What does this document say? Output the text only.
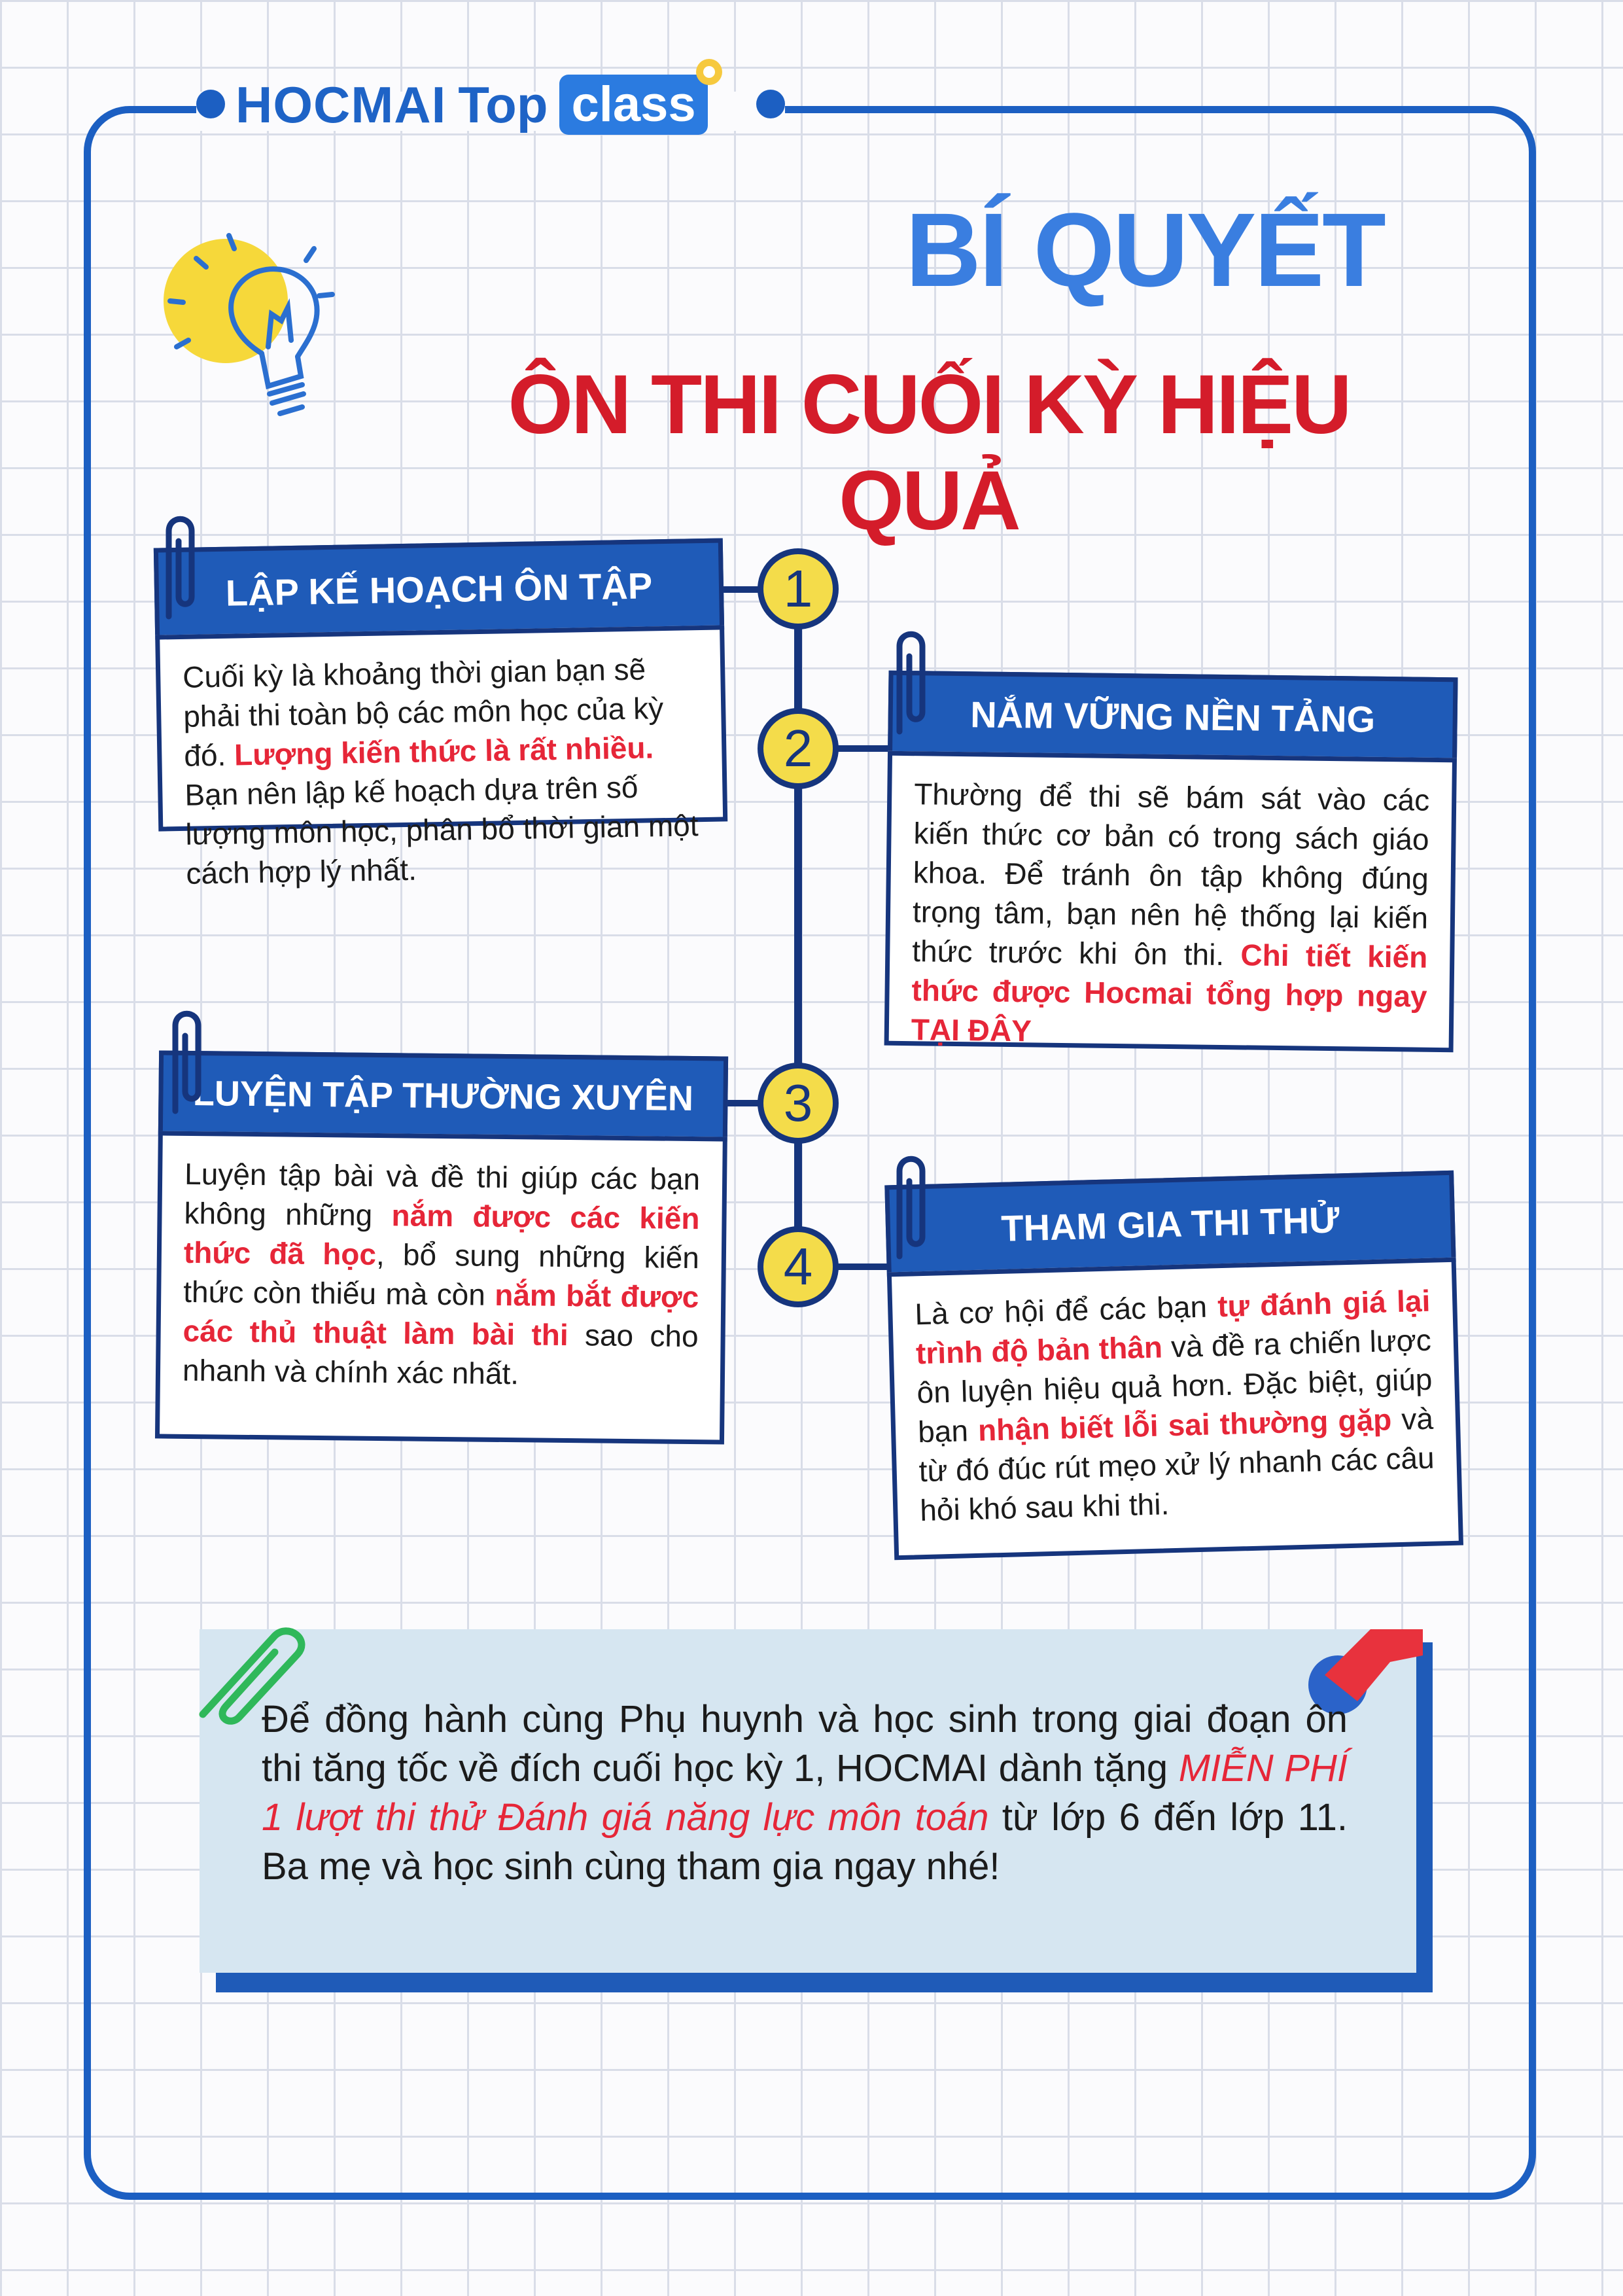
HOCMAI Top class
BÍ QUYẾT
ÔN THI CUỐI KỲ HIỆU QUẢ
1
2
3
4
LẬP KẾ HOẠCH ÔN TẬP
Cuối kỳ là khoảng thời gian bạn sẽ phải thi toàn bộ các môn học của kỳ đó. Lượng kiến thức là rất nhiều. Bạn nên lập kế hoạch dựa trên số lượng môn học, phân bổ thời gian một cách hợp lý nhất.
NẮM VỮNG NỀN TẢNG
Thường để thi sẽ bám sát vào các kiến thức cơ bản có trong sách giáo khoa. Để tránh ôn tập không đúng trọng tâm, bạn nên hệ thống lại kiến thức trước khi ôn thi. Chi tiết kiến thức được Hocmai tổng hợp ngay TẠI ĐÂY
LUYỆN TẬP THƯỜNG XUYÊN
Luyện tập bài và đề thi giúp các bạn không những nắm được các kiến thức đã học, bổ sung những kiến thức còn thiếu mà còn nắm bắt được các thủ thuật làm bài thi sao cho nhanh và chính xác nhất.
THAM GIA THI THỬ
Là cơ hội để các bạn tự đánh giá lại trình độ bản thân và đề ra chiến lược ôn luyện hiệu quả hơn. Đặc biệt, giúp bạn nhận biết lỗi sai thường gặp và từ đó đúc rút mẹo xử lý nhanh các câu hỏi khó sau khi thi.
Để đồng hành cùng Phụ huynh và học sinh trong giai đoạn ôn thi tăng tốc về đích cuối học kỳ 1, HOCMAI dành tặng MIỄN PHÍ 1 lượt thi thử Đánh giá năng lực môn toán từ lớp 6 đến lớp 11. Ba mẹ và học sinh cùng tham gia ngay nhé!
